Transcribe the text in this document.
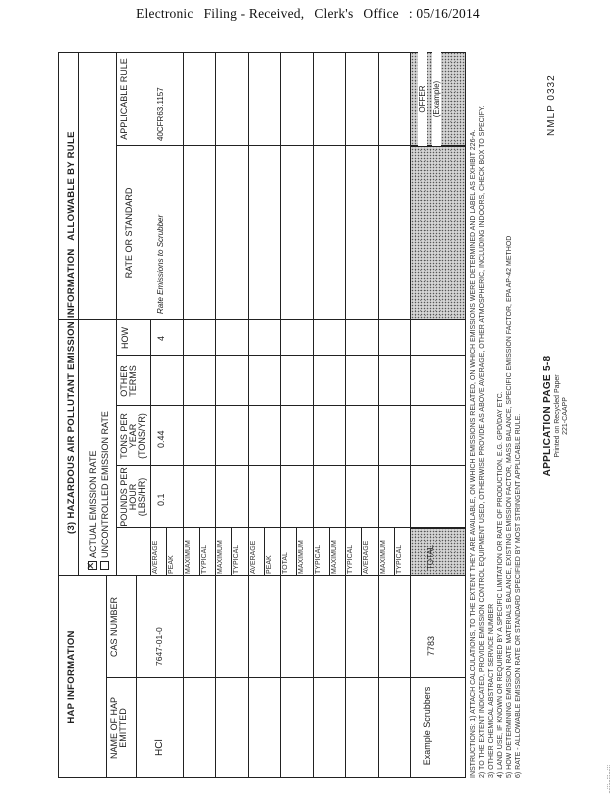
Electronic Filing - Received, Clerk's Office : 05/16/2014
(3) HAZARDOUS AIR POLLUTANT EMISSION INFORMATION
HAP INFORMATION
NAME OF HAP EMITTED
CAS NUMBER
✕
ACTUAL EMISSION RATE UNCONTROLLED EMISSION RATE POUNDS PER HOUR (LBS/HR)
TONS PER YEAR (TONS/YR)
OTHER TERMS
HOW
ALLOWABLE BY RULE	RATE OR STANDARD
APPLICABLE RULE
AVERAGE PEAK MAXIMUM TYPICAL MAXIMUM TYPICAL AVERAGE PEAK TOTAL MAXIMUM TYPICAL MAXIMUM TYPICAL AVERAGE MAXIMUM TYPICAL
HCl
7647-01-0
0.1
0.44
4
Rate Emissions to Scrubber
40CFR63.1157
TOTAL
7783
Example Scrubbers
OFFER (Example)
INSTRUCTIONS: 1) ATTACH CALCULATIONS, TO THE EXTENT THEY ARE AVAILABLE, ON WHICH EMISSIONS RELATED, ON WHICH EMISSIONS WERE DETERMINED AND LABEL AS EXHIBIT 226-A. 2) TO THE EXTENT INDICATED, PROVIDE EMISSION CONTROL EQUIPMENT USED, OTHERWISE PROVIDE AS ABOVE AVERAGE, OTHER ATMOSPHERIC, INCLUDING INDOORS, CHECK BOX TO SPECIFY. 3) OTHER CHEMICAL ABSTRACT SERVICE NUMBER 4) LAND USE, IF KNOWN OR REQUIRED BY A SPECIFIC LIMITATION OR RATE OF PRODUCTION, E.G. GPD/DAY ETC. 5) HOW DETERMINING EMISSION RATE MATERIALS BALANCE, EXISTING EMISSION FACTOR, MASS BALANCE, SPECIFIC EMISSION FACTOR, EPA AP-42 METHOD 6) RATE - ALLOWABLE EMISSION RATE OR STANDARD SPECIFIED BY MOST STRINGENT APPLICABLE RULE. APPLICATION PAGE 5-8 Printed on Recycled Paper 221-CAAPP
NMLP 0332
...:::...:::...:::
